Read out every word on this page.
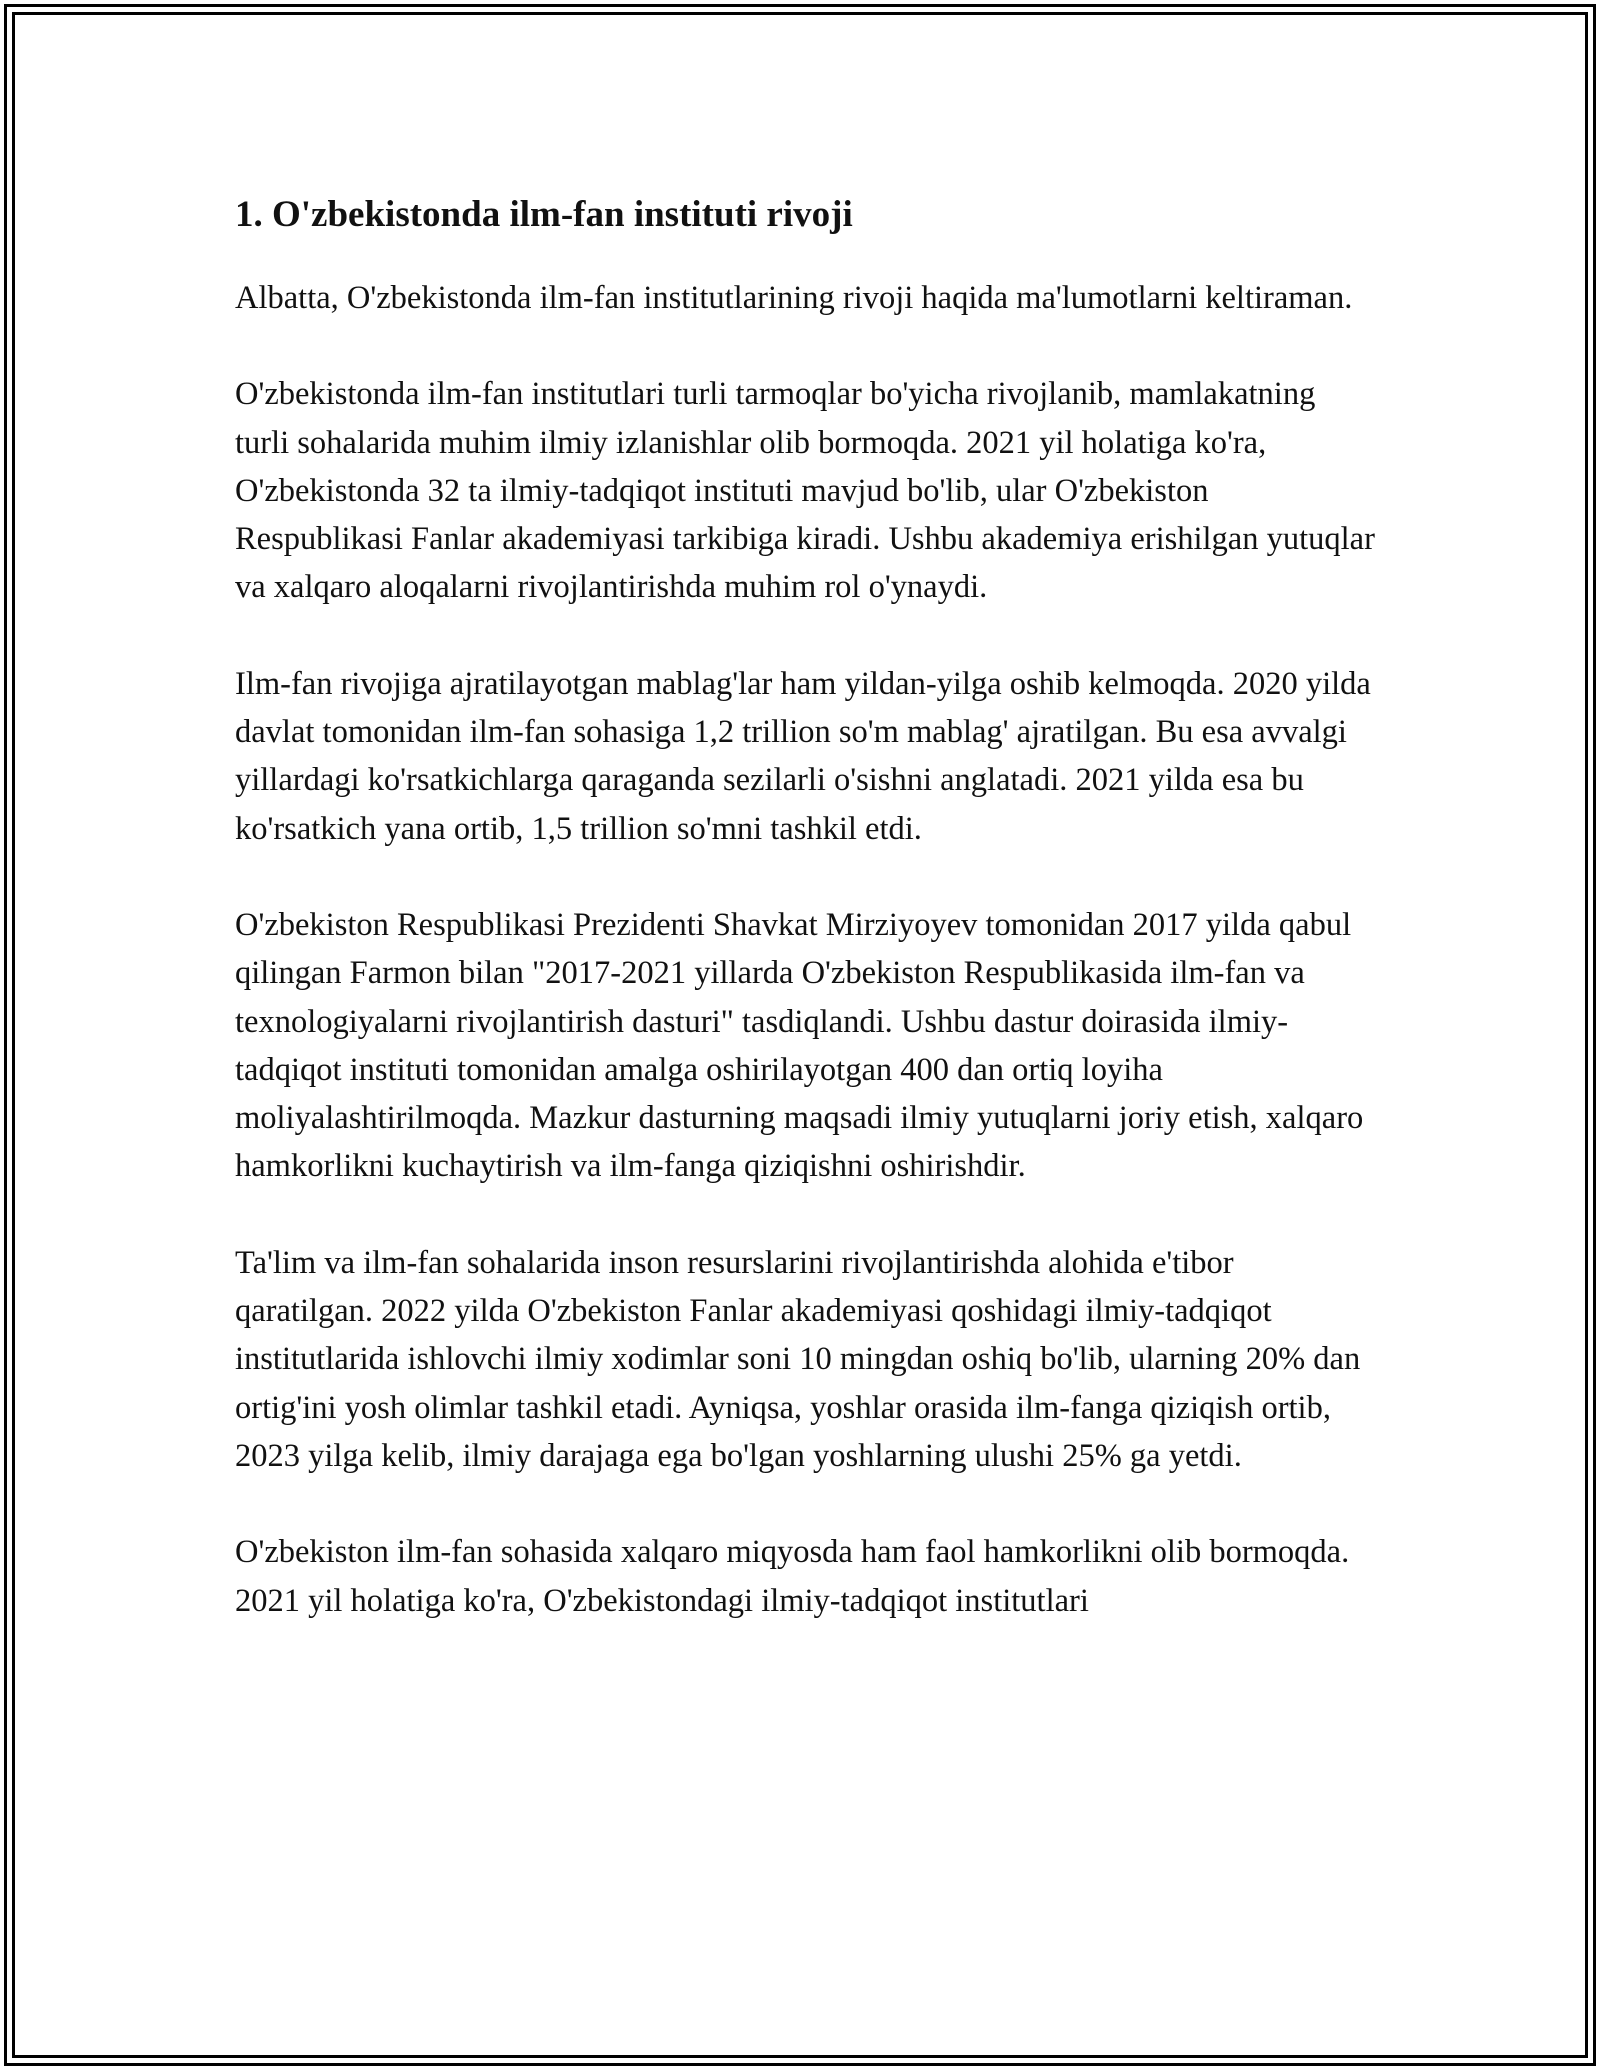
1. O'zbekistonda ilm-fan instituti rivoji

Albatta, O'zbekistonda ilm-fan institutlarining rivoji haqida ma'lumotlarni keltiraman.

O'zbekistonda ilm-fan institutlari turli tarmoqlar bo'yicha rivojlanib, mamlakatning turli sohalarida muhim ilmiy izlanishlar olib bormoqda. 2021 yil holatiga ko'ra, O'zbekistonda 32 ta ilmiy-tadqiqot instituti mavjud bo'lib, ular O'zbekiston Respublikasi Fanlar akademiyasi tarkibiga kiradi. Ushbu akademiya erishilgan yutuqlar va xalqaro aloqalarni rivojlantirishda muhim rol o'ynaydi.

Ilm-fan rivojiga ajratilayotgan mablag'lar ham yildan-yilga oshib kelmoqda. 2020 yilda davlat tomonidan ilm-fan sohasiga 1,2 trillion so'm mablag' ajratilgan. Bu esa avvalgi yillardagi ko'rsatkichlarga qaraganda sezilarli o'sishni anglatadi. 2021 yilda esa bu ko'rsatkich yana ortib, 1,5 trillion so'mni tashkil etdi.

O'zbekiston Respublikasi Prezidenti Shavkat Mirziyoyev tomonidan 2017 yilda qabul qilingan Farmon bilan "2017-2021 yillarda O'zbekiston Respublikasida ilm-fan va texnologiyalarni rivojlantirish dasturi" tasdiqlandi. Ushbu dastur doirasida ilmiy-tadqiqot instituti tomonidan amalga oshirilayotgan 400 dan ortiq loyiha moliyalashtirilmoqda. Mazkur dasturning maqsadi ilmiy yutuqlarni joriy etish, xalqaro hamkorlikni kuchaytirish va ilm-fanga qiziqishni oshirishdir.

Ta'lim va ilm-fan sohalarida inson resurslarini rivojlantirishda alohida e'tibor qaratilgan. 2022 yilda O'zbekiston Fanlar akademiyasi qoshidagi ilmiy-tadqiqot institutlarida ishlovchi ilmiy xodimlar soni 10 mingdan oshiq bo'lib, ularning 20% dan ortig'ini yosh olimlar tashkil etadi. Ayniqsa, yoshlar orasida ilm-fanga qiziqish ortib, 2023 yilga kelib, ilmiy darajaga ega bo'lgan yoshlarning ulushi 25% ga yetdi.

O'zbekiston ilm-fan sohasida xalqaro miqyosda ham faol hamkorlikni olib bormoqda. 2021 yil holatiga ko'ra, O'zbekistondagi ilmiy-tadqiqot institutlari
